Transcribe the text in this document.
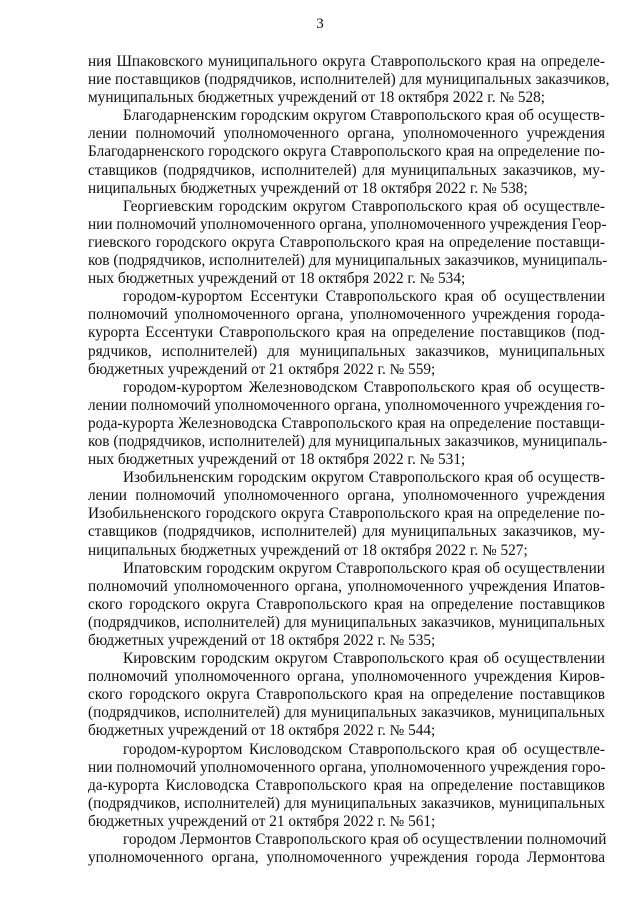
3
ния Шпаковского муниципального округа Ставропольского края на определе-
ние поставщиков (подрядчиков, исполнителей) для муниципальных заказчиков,
муниципальных бюджетных учреждений от 18 октября 2022 г. № 528;
Благодарненским городским округом Ставропольского края об осуществ-
лении полномочий уполномоченного органа, уполномоченного учреждения
Благодарненского городского округа Ставропольского края на определение по-
ставщиков (подрядчиков, исполнителей) для муниципальных заказчиков, му-
ниципальных бюджетных учреждений от 18 октября 2022 г. № 538;
Георгиевским городским округом Ставропольского края об осуществле-
нии полномочий уполномоченного органа, уполномоченного учреждения Геор-
гиевского городского округа Ставропольского края на определение поставщи-
ков (подрядчиков, исполнителей) для муниципальных заказчиков, муниципаль-
ных бюджетных учреждений от 18 октября 2022 г. № 534;
городом-курортом Ессентуки Ставропольского края об осуществлении
полномочий уполномоченного органа, уполномоченного учреждения города-
курорта Ессентуки Ставропольского края на определение поставщиков (под-
рядчиков, исполнителей) для муниципальных заказчиков, муниципальных
бюджетных учреждений от 21 октября 2022 г. № 559;
городом-курортом Железноводском Ставропольского края об осуществ-
лении полномочий уполномоченного органа, уполномоченного учреждения го-
рода-курорта Железноводска Ставропольского края на определение поставщи-
ков (подрядчиков, исполнителей) для муниципальных заказчиков, муниципаль-
ных бюджетных учреждений от 18 октября 2022 г. № 531;
Изобильненским городским округом Ставропольского края об осуществ-
лении полномочий уполномоченного органа, уполномоченного учреждения
Изобильненского городского округа Ставропольского края на определение по-
ставщиков (подрядчиков, исполнителей) для муниципальных заказчиков, му-
ниципальных бюджетных учреждений от 18 октября 2022 г. № 527;
Ипатовским городским округом Ставропольского края об осуществлении
полномочий уполномоченного органа, уполномоченного учреждения Ипатов-
ского городского округа Ставропольского края на определение поставщиков
(подрядчиков, исполнителей) для муниципальных заказчиков, муниципальных
бюджетных учреждений от 18 октября 2022 г. № 535;
Кировским городским округом Ставропольского края об осуществлении
полномочий уполномоченного органа, уполномоченного учреждения Киров-
ского городского округа Ставропольского края на определение поставщиков
(подрядчиков, исполнителей) для муниципальных заказчиков, муниципальных
бюджетных учреждений от 18 октября 2022 г. № 544;
городом-курортом Кисловодском Ставропольского края об осуществле-
нии полномочий уполномоченного органа, уполномоченного учреждения горо-
да-курорта Кисловодска Ставропольского края на определение поставщиков
(подрядчиков, исполнителей) для муниципальных заказчиков, муниципальных
бюджетных учреждений от 21 октября 2022 г. № 561;
городом Лермонтов Ставропольского края об осуществлении полномочий
уполномоченного органа, уполномоченного учреждения города Лермонтова
